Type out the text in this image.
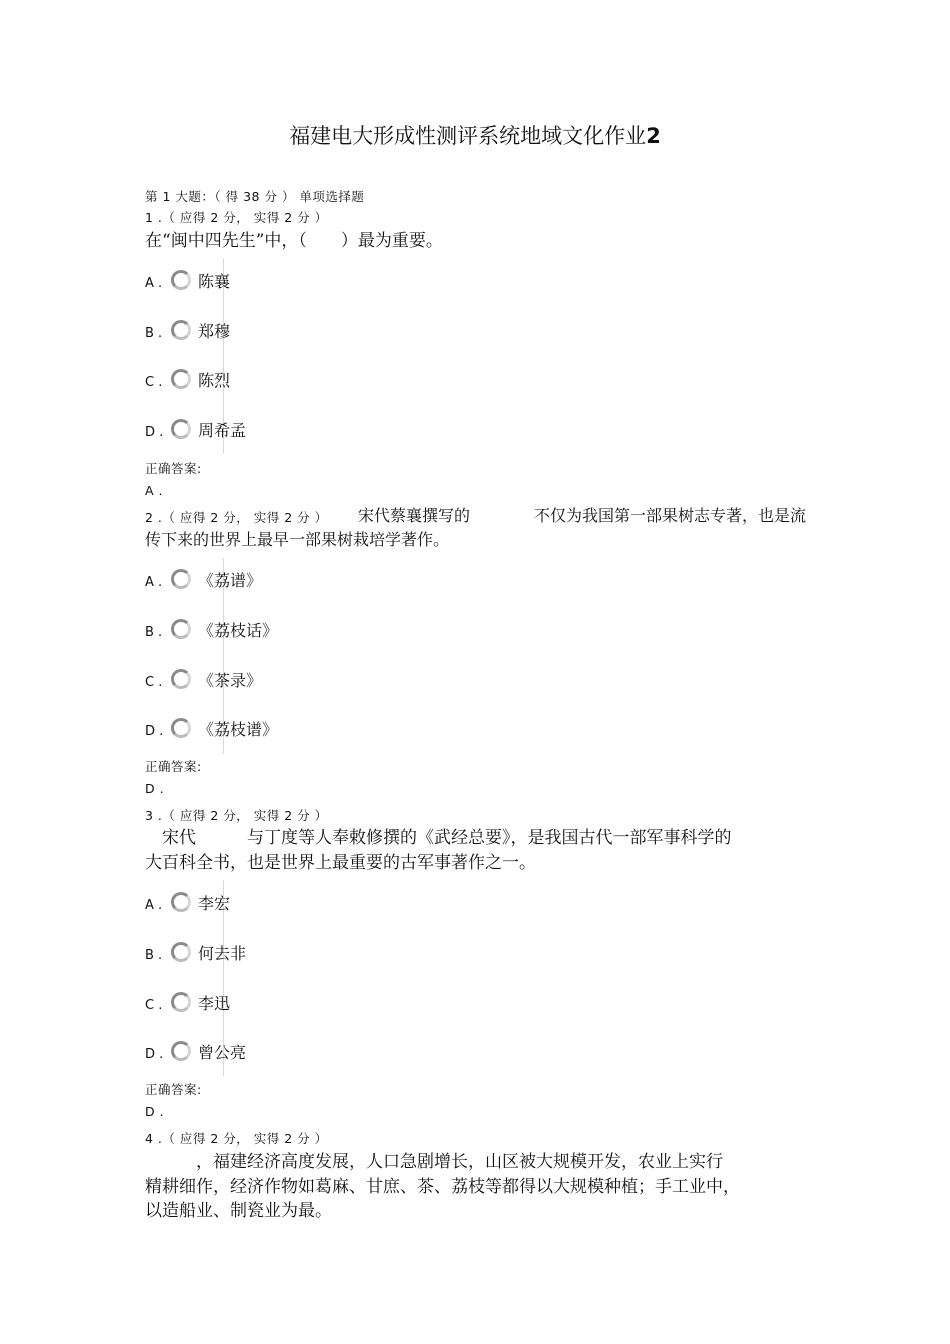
福建电大形成性测评系统地域文化作业2
第 1 大题：（ 得 38 分 ） 单项选择题
1 .（ 应得 2 分， 实得 2 分 ）
在“闽中四先生”中，（　　）最为重要。
A . 陈襄
B . 郑穆
C . 陈烈
D . 周希孟
正确答案:
A .
2 .（ 应得 2 分， 实得 2 分 ） 宋代蔡襄撰写的　　　　不仅为我国第一部果树志专著，也是流
传下来的世界上最早一部果树栽培学著作。
A . 《荔谱》
B . 《荔枝话》
C . 《茶录》
D . 《荔枝谱》
正确答案:
D .
3 .（ 应得 2 分， 实得 2 分 ）
　宋代　　　与丁度等人奉敕修撰的《武经总要》，是我国古代一部军事科学的
大百科全书，也是世界上最重要的古军事著作之一。
A . 李宏
B . 何去非
C . 李迅
D . 曾公亮
正确答案:
D .
4 .（ 应得 2 分， 实得 2 分 ）
　　　，福建经济高度发展，人口急剧增长，山区被大规模开发，农业上实行
精耕细作，经济作物如葛麻、甘庶、茶、荔枝等都得以大规模种植；手工业中，
以造船业、制瓷业为最。
